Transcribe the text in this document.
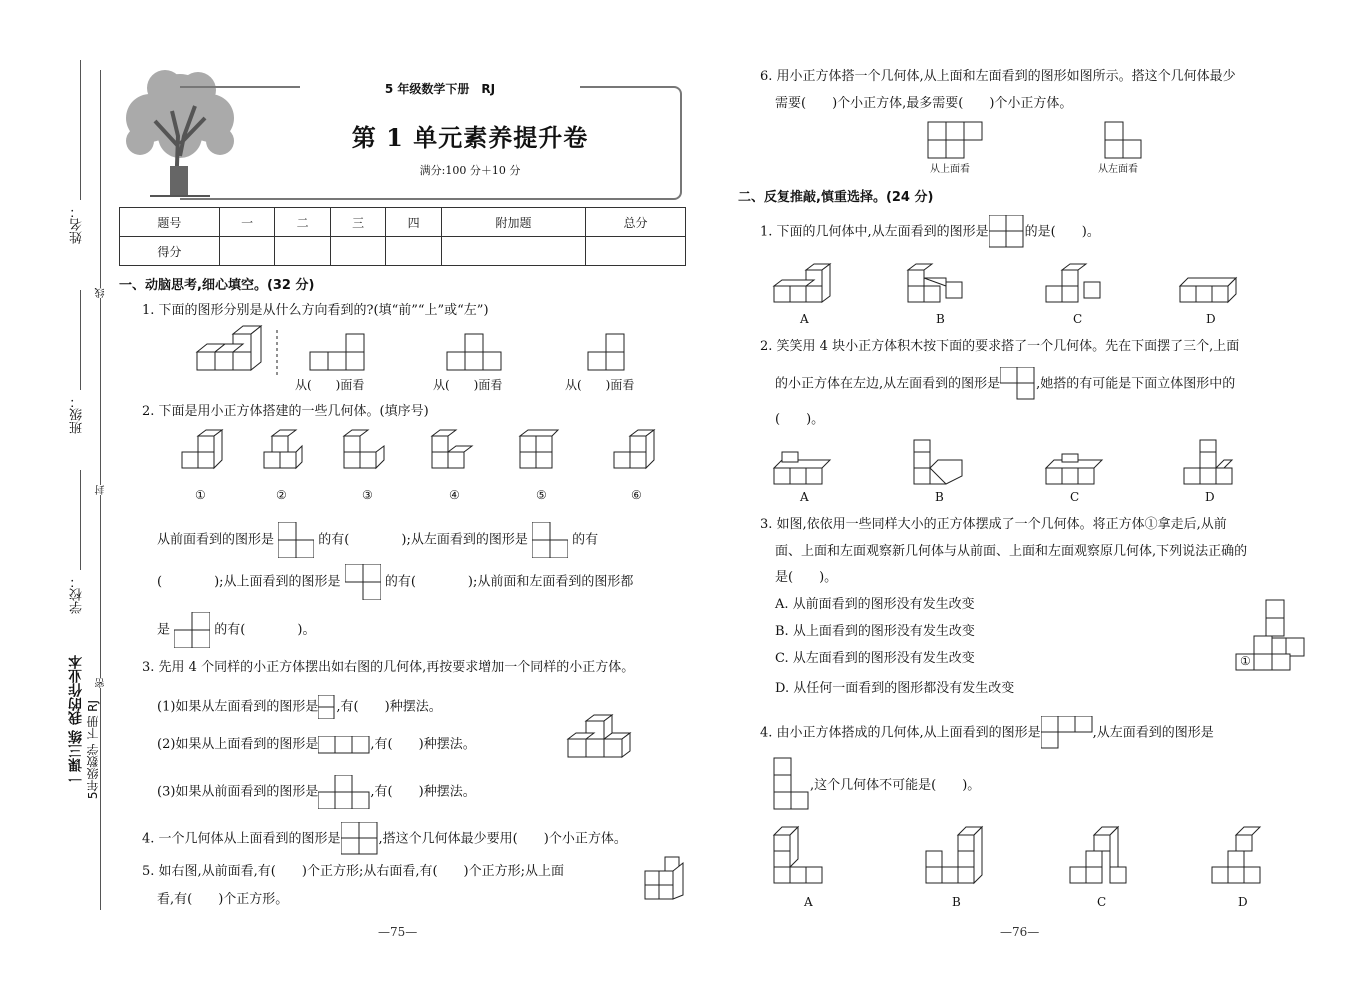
姓名：
班级：
学校：
线
封
密
一课三练 我的作业本 5年级数学 下册 RJ
5 年级数学下册　RJ
第 1 单元素养提升卷
满分:100 分＋10 分
题号	一	二	三	四	附加题	总分
得分						
一、动脑思考,细心填空。(32 分)
1. 下面的图形分别是从什么方向看到的?(填“前”“上”或“左”)
从(　　)面看	从(　　)面看	从(　　)面看
2. 下面是用小正方体搭建的一些几何体。(填序号)
①	②	③	④	⑤	⑥
从前面看到的图形是	的有(　　　　);从左面看到的图形是	的有
(　　　　);从上面看到的图形是	的有(　　　　);从前面和左面看到的图形都
是	的有(　　　　)。
3. 先用 4 个同样的小正方体摆出如右图的几何体,再按要求增加一个同样的小正方体。
(1)如果从左面看到的图形是 ,有(　　)种摆法。
(2)如果从上面看到的图形是	,有(　　)种摆法。
(3)如果从前面看到的图形是	,有(　　)种摆法。
4. 一个几何体从上面看到的图形是	,搭这个几何体最少要用(　　)个小正方体。
5. 如右图,从前面看,有(　　)个正方形;从右面看,有(　　)个正方形;从上面
看,有(　　)个正方形。
—75—
6. 用小正方体搭一个几何体,从上面和左面看到的图形如图所示。搭这个几何体最少
需要(　　)个小正方体,最多需要(　　)个小正方体。
从上面看	从左面看
二、反复推敲,慎重选择。(24 分)
1. 下面的几何体中,从左面看到的图形是	的是(　　)。
A	B	C	D
2. 笑笑用 4 块小正方体积木按下面的要求搭了一个几何体。先在下面摆了三个,上面
的小正方体在左边,从左面看到的图形是	,她搭的有可能是下面立体图形中的
(　　)。
A	B	C	D
3. 如图,依依用一些同样大小的正方体摆成了一个几何体。将正方体①拿走后,从前
面、上面和左面观察新几何体与从前面、上面和左面观察原几何体,下列说法正确的
是(　　)。
A. 从前面看到的图形没有发生改变
B. 从上面看到的图形没有发生改变
C. 从左面看到的图形没有发生改变
D. 从任何一面看到的图形都没有发生改变
①
4. 由小正方体搭成的几何体,从上面看到的图形是	,从左面看到的图形是
,这个几何体不可能是(　　)。
A	B	C	D
—76—
